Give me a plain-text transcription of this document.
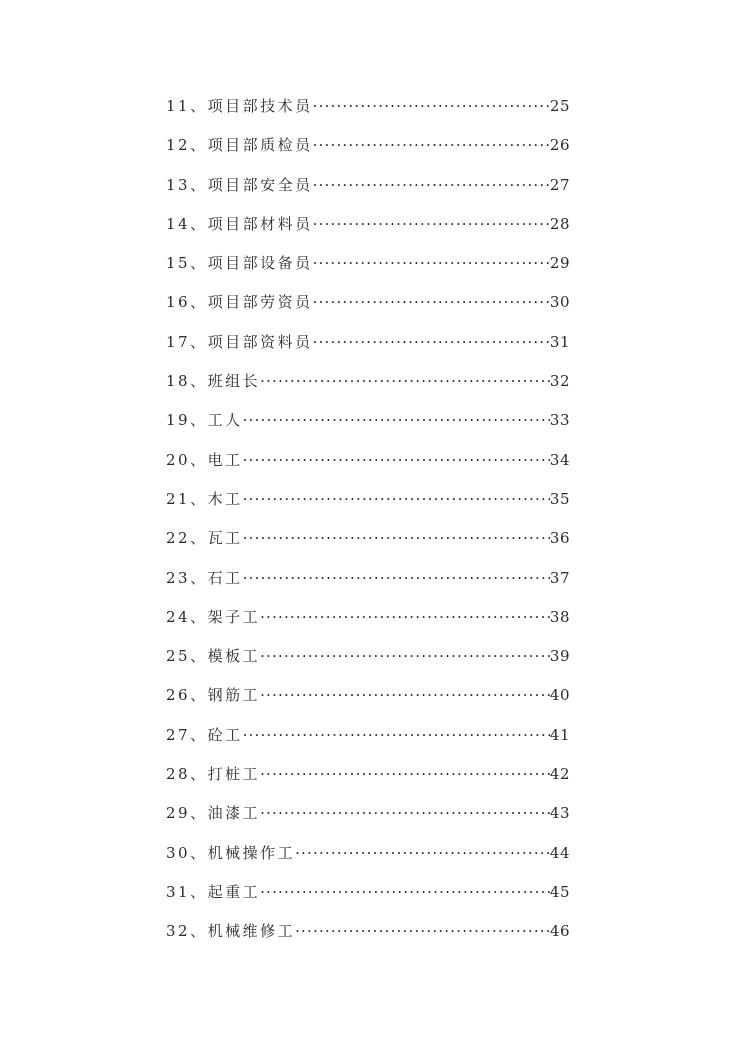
11、项目部技术员 ·····	25
12、项目部质检员 ·····	26
13、项目部安全员 ·····	27
14、项目部材料员 ·····	28
15、项目部设备员 ·····	29
16、项目部劳资员 ·····	30
17、项目部资料员 ·····	31
18、班组长 ·····	32
19、工人 ·····	33
20、电工 ·····	34
21、木工 ·····	35
22、瓦工 ·····	36
23、石工 ·····	37
24、架子工 ·····	38
25、模板工 ·····	39
26、钢筋工 ·····	40
27、砼工 ·····	41
28、打桩工 ·····	42
29、油漆工 ·····	43
30、机械操作工 ·····	44
31、起重工 ·····	45
32、机械维修工 ·····	46
